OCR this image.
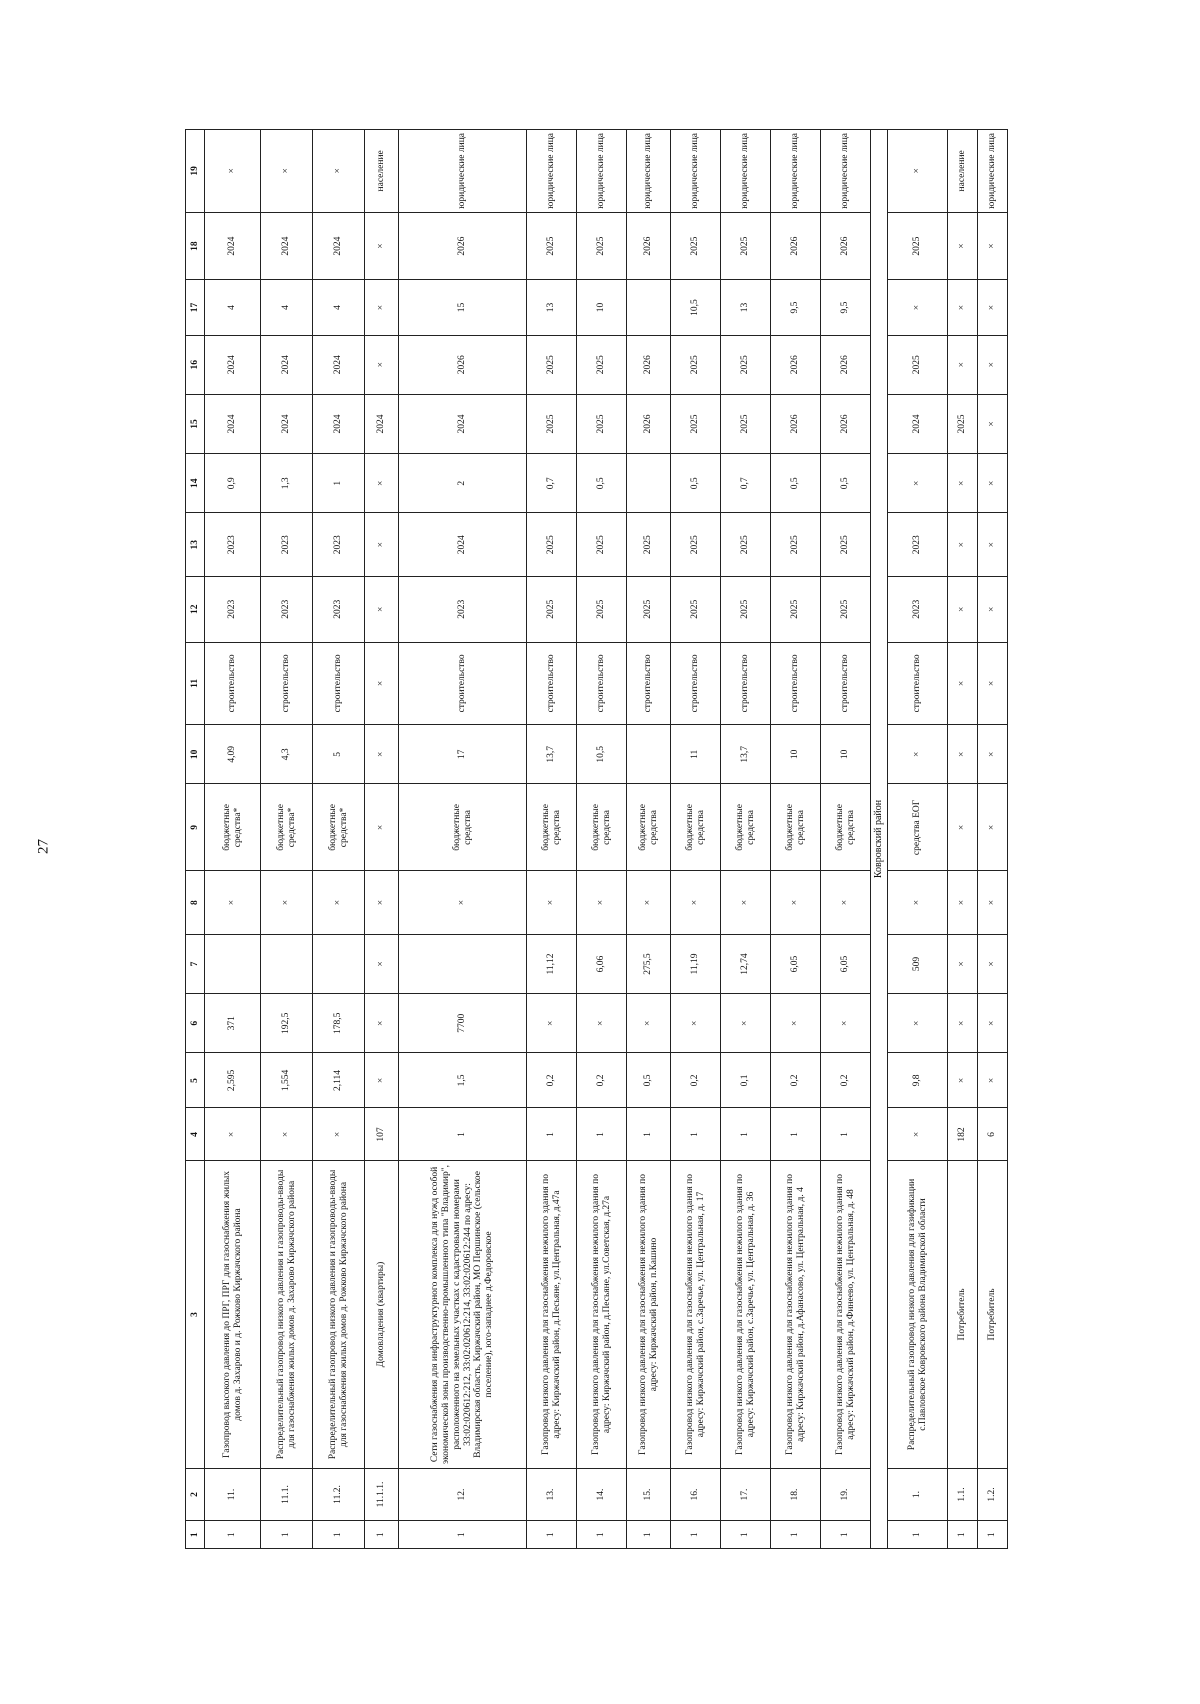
27
1	2	3	4	5	6	7	8	9	10	11	12	13	14	15	16	17	18	19
1	11.	Газопровод высокого давления до ПРГ, ПРГ для газоснабжения жилых домов д. Захарово и д. Рожково Киржачского района	×	2,595	371		×	бюджетные средства*	4,09	строительство	2023	2023	0,9	2024	2024	4	2024	×
1	11.1.	Распределительный газопровод низкого давления и газопроводы-вводы для газоснабжения жилых домов д. Захарово Киржачского района	×	1,554	192,5		×	бюджетные средства*	4,3	строительство	2023	2023	1,3	2024	2024	4	2024	×
1	11.2.	Распределительный газопровод низкого давления и газопроводы-вводы для газоснабжения жилых домов д. Рожково Киржачского района	×	2,114	178,5		×	бюджетные средства*	5	строительство	2023	2023	1	2024	2024	4	2024	×
1	11.1.1.	Домовладения (квартиры)	107	×	×	×	×	×	×	×	×	×	×	2024	×	×	×	население
1	12.	Сети газоснабжения для инфраструктурного комплекса для нужд особой экономической зоны производственно-промышленного типа "Владимир", расположенного на земельных участках с кадастровыми номерами 33:02:020612:212, 33:02:020612:214, 33:02:020612:244 по адресу: Владимирская область, Киржачский район, МО Першинское (сельское поселение), юго-западнее д.Федоровское	1	1,5	7700		×	бюджетные средства	17	строительство	2023	2024	2	2024	2026	15	2026	юридические лица
1	13.	Газопровод низкого давления для газоснабжения нежилого здания по адресу: Киржачский район, д.Песьяне, ул.Центральная, д.47а	1	0,2	×	11,12	×	бюджетные средства	13,7	строительство	2025	2025	0,7	2025	2025	13	2025	юридические лица
1	14.	Газопровод низкого давления для газоснабжения нежилого здания по адресу: Киржачский район, д.Песьяне, ул.Советская, д.27а	1	0,2	×	6,06	×	бюджетные средства	10,5	строительство	2025	2025	0,5	2025	2025	10	2025	юридические лица
1	15.	Газопровод низкого давления для газоснабжения нежилого здания по адресу: Киржачский район, п.Кашино	1	0,5	×	275,5	×	бюджетные средства		строительство	2025	2025		2026	2026		2026	юридические лица
1	16.	Газопровод низкого давления для газоснабжения нежилого здания по адресу: Киржачский район, с.Заречье, ул. Центральная, д. 17	1	0,2	×	11,19	×	бюджетные средства	11	строительство	2025	2025	0,5	2025	2025	10,5	2025	юридические лица
1	17.	Газопровод низкого давления для газоснабжения нежилого здания по адресу: Киржачский район, с.Заречье, ул. Центральная, д. 36	1	0,1	×	12,74	×	бюджетные средства	13,7	строительство	2025	2025	0,7	2025	2025	13	2025	юридические лица
1	18.	Газопровод низкого давления для газоснабжения нежилого здания по адресу: Киржачский район, д.Афанасово, ул. Центральная, д. 4	1	0,2	×	6,05	×	бюджетные средства	10	строительство	2025	2025	0,5	2026	2026	9,5	2026	юридические лица
1	19.	Газопровод низкого давления для газоснабжения нежилого здания по адресу: Киржачский район, д.Финеево, ул. Центральная, д. 48	1	0,2	×	6,05	×	бюджетные средства	10	строительство	2025	2025	0,5	2026	2026	9,5	2026	юридические лица
Ковровский район																		
1	1.	Распределительный газопровод низкого давления для газификации с.Павловское Ковровского района Владимирской области	×	9,8	×	509	×	средства ЕОГ	×	строительство	2023	2023	×	2024	2025	×	2025	×
1	1.1.	Потребитель	182	×	×	×	×	×	×	×	×	×	×	2025	×	×	×	население
1	1.2.	Потребитель	6	×	×	×	×	×	×	×	×	×	×	×	×	×	×	юридические лица
